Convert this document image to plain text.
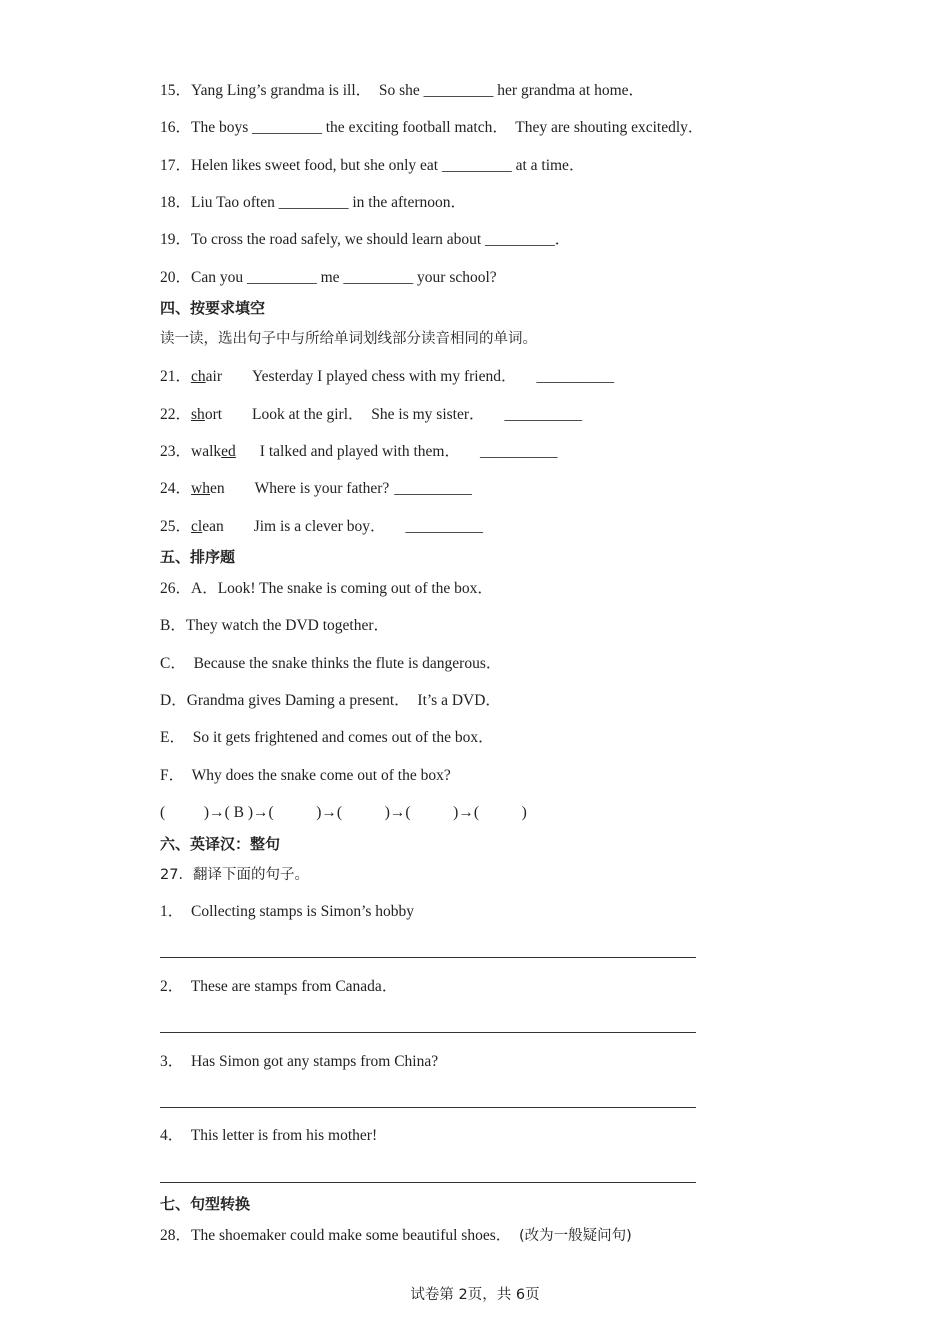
15．Yang Ling’s grandma is ill．  So she _________ her grandma at home．
16．The boys _________ the exciting football match．  They are shouting excitedly．
17．Helen likes sweet food, but she only eat _________ at a time．
18．Liu Tao often _________ in the afternoon．
19．To cross the road safely, we should learn about _________．
20．Can you _________ me _________ your school?
四、按要求填空
读一读，选出句子中与所给单词划线部分读音相同的单词。
21．chair Yesterday I played chess with my friend． __________
22．short Look at the girl．  She is my sister． __________
23．walked I talked and played with them． __________
24．when Where is your father? __________
25．clean Jim is a clever boy． __________
五、排序题
26．A．Look! The snake is coming out of the box．
B．They watch the DVD together．
C．  Because the snake thinks the flute is dangerous．
D．Grandma gives Daming a present．  It’s a DVD．
E．  So it gets frightened and comes out of the box．
F．  Why does the snake come out of the box?
(          )→( B )→(           )→(           )→(           )→(           )
六、英译汉：整句
27．翻译下面的句子。
1．  Collecting stamps is Simon’s hobby
2．  These are stamps from Canada．
3．  Has Simon got any stamps from China?
4．  This letter is from his mother!
七、句型转换
28．The shoemaker could make some beautiful shoes．  (改为一般疑问句)
试卷第 2页，共 6页
